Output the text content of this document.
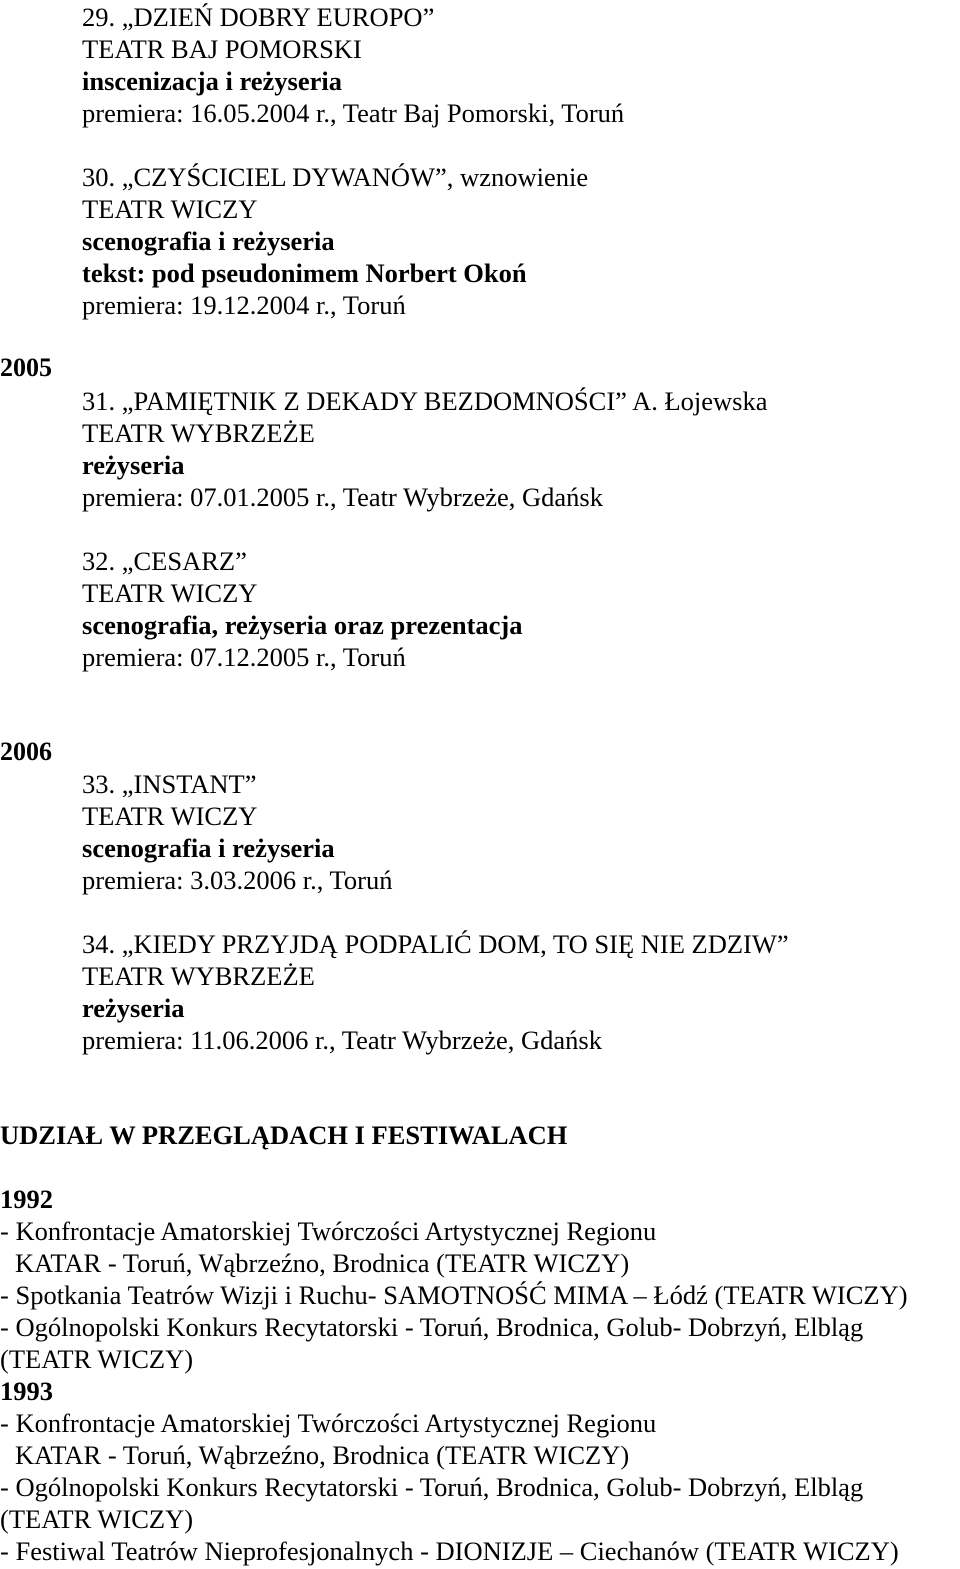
29. „DZIEŃ DOBRY EUROPO”
TEATR BAJ POMORSKI
inscenizacja i reżyseria
premiera: 16.05.2004 r., Teatr Baj Pomorski, Toruń
30. „CZYŚCICIEL DYWANÓW”, wznowienie
TEATR WICZY
scenografia i reżyseria
tekst: pod pseudonimem Norbert Okoń
premiera: 19.12.2004 r., Toruń
2005
31. „PAMIĘTNIK Z DEKADY BEZDOMNOŚCI” A. Łojewska
TEATR WYBRZEŻE
reżyseria
premiera: 07.01.2005 r., Teatr Wybrzeże, Gdańsk
32. „CESARZ”
TEATR WICZY
scenografia, reżyseria oraz prezentacja
premiera: 07.12.2005 r., Toruń
2006
33. „INSTANT”
TEATR WICZY
scenografia i reżyseria
premiera: 3.03.2006 r., Toruń
34. „KIEDY PRZYJDĄ PODPALIĆ DOM, TO SIĘ NIE ZDZIW”
TEATR WYBRZEŻE
reżyseria
premiera: 11.06.2006 r., Teatr Wybrzeże, Gdańsk
UDZIAŁ W PRZEGLĄDACH I FESTIWALACH
1992
- Konfrontacje Amatorskiej Twórczości Artystycznej Regionu
KATAR - Toruń, Wąbrzeźno, Brodnica (TEATR WICZY)
- Spotkania Teatrów Wizji i Ruchu- SAMOTNOŚĆ MIMA – Łódź (TEATR WICZY)
- Ogólnopolski Konkurs Recytatorski - Toruń, Brodnica, Golub- Dobrzyń, Elbląg
(TEATR WICZY)
1993
- Konfrontacje Amatorskiej Twórczości Artystycznej Regionu
KATAR - Toruń, Wąbrzeźno, Brodnica (TEATR WICZY)
- Ogólnopolski Konkurs Recytatorski - Toruń, Brodnica, Golub- Dobrzyń, Elbląg
(TEATR WICZY)
- Festiwal Teatrów Nieprofesjonalnych - DIONIZJE – Ciechanów (TEATR WICZY)
